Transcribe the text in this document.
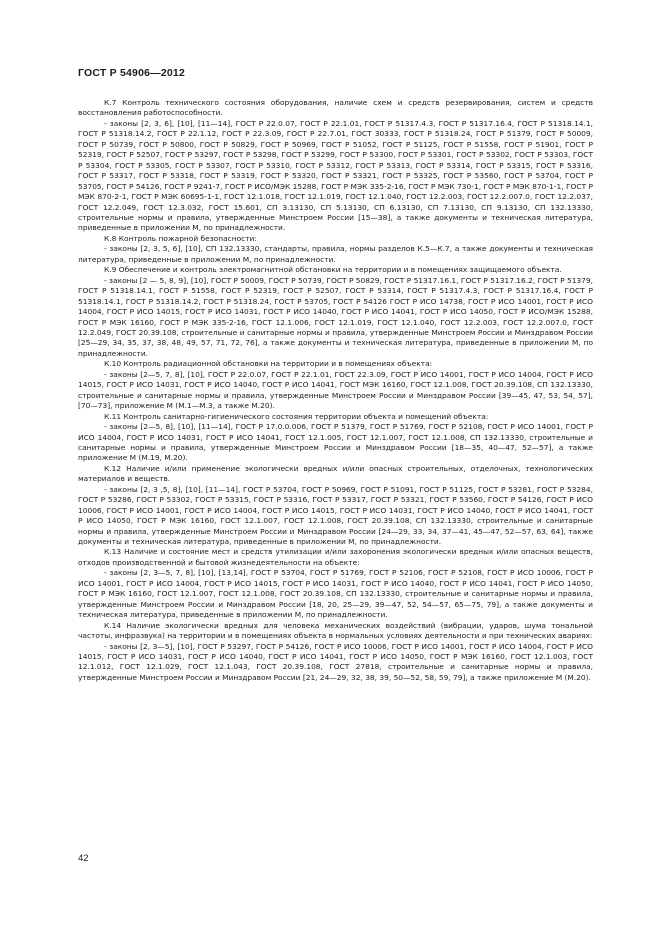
ГОСТ Р 54906—2012

К.7 Контроль технического состояния оборудования, наличие схем и средств резервирования, систем и средств восстановления работоспособности.

- законы [2, 3, 6], [10], [11—14], ГОСТ Р 22.0.07, ГОСТ Р 22.1.01, ГОСТ Р 51317.4.3, ГОСТ Р 51317.16.4, ГОСТ Р 51318.14.1, ГОСТ Р 51318.14.2, ГОСТ Р 22.1.12, ГОСТ Р 22.3.09, ГОСТ Р 22.7.01, ГОСТ 30333, ГОСТ Р 51318.24, ГОСТ Р 51379, ГОСТ Р 50009, ГОСТ Р 50739, ГОСТ Р 50800, ГОСТ Р 50829, ГОСТ Р 50969, ГОСТ Р 51052, ГОСТ Р 51125, ГОСТ Р 51558, ГОСТ Р 51901, ГОСТ Р 52319, ГОСТ Р 52507, ГОСТ Р 53297, ГОСТ Р 53298, ГОСТ Р 53299, ГОСТ Р 53300, ГОСТ Р 53301, ГОСТ Р 53302, ГОСТ Р 53303, ГОСТ Р 53304, ГОСТ Р 53305, ГОСТ Р 53307, ГОСТ Р 53310, ГОСТ Р 53312, ГОСТ Р 53313, ГОСТ Р 53314, ГОСТ Р 53315, ГОСТ Р 53316, ГОСТ Р 53317, ГОСТ Р 53318, ГОСТ Р 53319, ГОСТ Р 53320, ГОСТ Р 53321, ГОСТ Р 53325, ГОСТ Р 53560, ГОСТ Р 53704, ГОСТ Р 53705, ГОСТ Р 54126, ГОСТ Р 9241-7, ГОСТ Р ИСО/МЭК 15288, ГОСТ Р МЭК 335-2-16, ГОСТ Р МЭК 730-1, ГОСТ Р МЭК 870-1-1, ГОСТ Р МЭК 870-2-1, ГОСТ Р МЭК 60695-1-1, ГОСТ 12.1.018, ГОСТ 12.1.019, ГОСТ 12.1.040, ГОСТ 12.2.003, ГОСТ 12.2.007.0, ГОСТ 12.2.037, ГОСТ 12.2.049, ГОСТ 12.3.032, ГОСТ 15.601, СП 3.13130, СП 5.13130, СП 6.13130, СП 7.13130, СП 9.13130, СП 132.13330, строительные нормы и правила, утвержденные Минстроем России [15—38], а также документы и техническая литература, приведенные в приложении М, по принадлежности.

К.8 Контроль пожарной безопасности:

- законы [2, 3, 5, 6], [10], СП 132.13330, стандарты, правила, нормы разделов К.5—К.7, а также документы и техническая литература, приведенные в приложении М, по принадлежности.

К.9 Обеспечение и контроль электромагнитной обстановки на территории и в помещениях защищаемого объекта.

- законы [2 — 5, 8, 9], [10], ГОСТ Р 50009, ГОСТ Р 50739, ГОСТ Р 50829, ГОСТ Р 51317.16.1, ГОСТ Р 51317.16.2, ГОСТ Р 51379, ГОСТ Р 51318.14.1, ГОСТ Р 51558, ГОСТ Р 52319, ГОСТ Р 52507, ГОСТ Р 53314, ГОСТ Р 51317.4.3, ГОСТ Р 51317.16.4, ГОСТ Р 51318.14.1, ГОСТ Р 51318.14.2, ГОСТ Р 51318.24, ГОСТ Р 53705, ГОСТ Р 54126 ГОСТ Р ИСО 14738, ГОСТ Р ИСО 14001, ГОСТ Р ИСО 14004, ГОСТ Р ИСО 14015, ГОСТ Р ИСО 14031, ГОСТ Р ИСО 14040, ГОСТ Р ИСО 14041, ГОСТ Р ИСО 14050, ГОСТ Р ИСО/МЭК 15288, ГОСТ Р МЭК 16160, ГОСТ Р МЭК 335-2-16, ГОСТ 12.1.006, ГОСТ 12.1.019, ГОСТ 12.1.040, ГОСТ 12.2.003, ГОСТ 12.2.007.0, ГОСТ 12.2.049, ГОСТ 20.39.108, строительные и санитарные нормы и правила, утвержденные Минстроем России и Минздравом России [25—29, 34, 35, 37, 38, 48, 49, 57, 71, 72, 76], а также документы и техническая литература, приведенные в приложении М, по принадлежности.

К.10 Контроль радиационной обстановки на территории и в помещениях объекта:

- законы [2—5, 7, 8], [10], ГОСТ Р 22.0.07, ГОСТ Р 22.1.01, ГОСТ 22.3.09, ГОСТ Р ИСО 14001, ГОСТ Р ИСО 14004, ГОСТ Р ИСО 14015, ГОСТ Р ИСО 14031, ГОСТ Р ИСО 14040, ГОСТ Р ИСО 14041, ГОСТ МЭК 16160, ГОСТ 12.1.008, ГОСТ 20.39.108, СП 132.13330, строительные и санитарные нормы и правила, утвержденные Минстроем России и Минздравом России [39—45, 47, 53, 54, 57], [70—73], приложение М (М.1—М.3, а также М.20).

К.11 Контроль санитарно-гигиенического состояния территории объекта и помещений объекта:

- законы [2—5, 8], [10], [11—14], ГОСТ Р 17.0.0.006, ГОСТ Р 51379, ГОСТ Р 51769, ГОСТ Р 52108, ГОСТ Р ИСО 14001, ГОСТ Р ИСО 14004, ГОСТ Р ИСО 14031, ГОСТ Р ИСО 14041, ГОСТ 12.1.005, ГОСТ 12.1.007, ГОСТ 12.1.008, СП 132.13330, строительные и санитарные нормы и правила, утвержденные Минстроем России и Минздравом России [18—35, 40—47, 52—57], а также приложение М (М.19, М.20).

К.12 Наличие и/или применение экологически вредных и/или опасных строительных, отделочных, технологических материалов и веществ.

- законы [2, 3 ,5, 8], [10], [11—14], ГОСТ Р 53704, ГОСТ Р 50969, ГОСТ Р 51091, ГОСТ Р 51125, ГОСТ Р 53281, ГОСТ Р 53284, ГОСТ Р 53286, ГОСТ Р 53302, ГОСТ Р 53315, ГОСТ Р 53316, ГОСТ Р 53317, ГОСТ Р 53321, ГОСТ Р 53560, ГОСТ Р 54126, ГОСТ Р ИСО 10006, ГОСТ Р ИСО 14001, ГОСТ Р ИСО 14004, ГОСТ Р ИСО 14015, ГОСТ Р ИСО 14031, ГОСТ Р ИСО 14040, ГОСТ Р ИСО 14041, ГОСТ Р ИСО 14050, ГОСТ Р МЭК 16160, ГОСТ 12.1.007, ГОСТ 12.1.008, ГОСТ 20.39.108, СП 132.13330, строительные и санитарные нормы и правила, утвержденные Минстроем России и Минздравом России [24—29, 33, 34, 37—41, 45—47, 52—57, 63, 64], также документы и техническая литература, приведенные в приложении М, по принадлежности.

К.13 Наличие и состояние мест и средств утилизации и/или захоронения экологически вредных и/или опасных веществ, отходов производственной и бытовой жизнедеятельности на объекте:

- законы [2, 3—5, 7, 8], [10], [13,14], ГОСТ Р 53704, ГОСТ Р 51769, ГОСТ Р 52106, ГОСТ Р 52108, ГОСТ Р ИСО 10006, ГОСТ Р ИСО 14001, ГОСТ Р ИСО 14004, ГОСТ Р ИСО 14015, ГОСТ Р ИСО 14031, ГОСТ Р ИСО 14040, ГОСТ Р ИСО 14041, ГОСТ Р ИСО 14050, ГОСТ Р МЭК 16160, ГОСТ 12.1.007, ГОСТ 12.1.008, ГОСТ 20.39.108, СП 132.13330, строительные и санитарные нормы и правила, утвержденные Минстроем России и Минздравом России [18, 20, 25—29, 39—47, 52, 54—57, 65—75, 79], а также документы и техническая литература, приведенные в приложении М, по принадлежности.

К.14 Наличие экологически вредных для человека механических воздействий (вибрации, ударов, шума тональной частоты, инфразвука) на территории и в помещениях объекта в нормальных условиях деятельности и при технических авариях:

- законы [2, 3—5], [10], ГОСТ Р 53297, ГОСТ Р 54126, ГОСТ Р ИСО 10006, ГОСТ Р ИСО 14001, ГОСТ Р ИСО 14004, ГОСТ Р ИСО 14015, ГОСТ Р ИСО 14031, ГОСТ Р ИСО 14040, ГОСТ Р ИСО 14041, ГОСТ Р ИСО 14050, ГОСТ Р МЭК 16160, ГОСТ 12.1.003, ГОСТ 12.1.012, ГОСТ 12.1.029, ГОСТ 12.1.043, ГОСТ 20.39.108, ГОСТ 27818, строительные и санитарные нормы и правила, утвержденные Минстроем России и Минздравом России [21, 24—29, 32, 38, 39, 50—52, 58, 59, 79], а также приложение М (М.20).

42
